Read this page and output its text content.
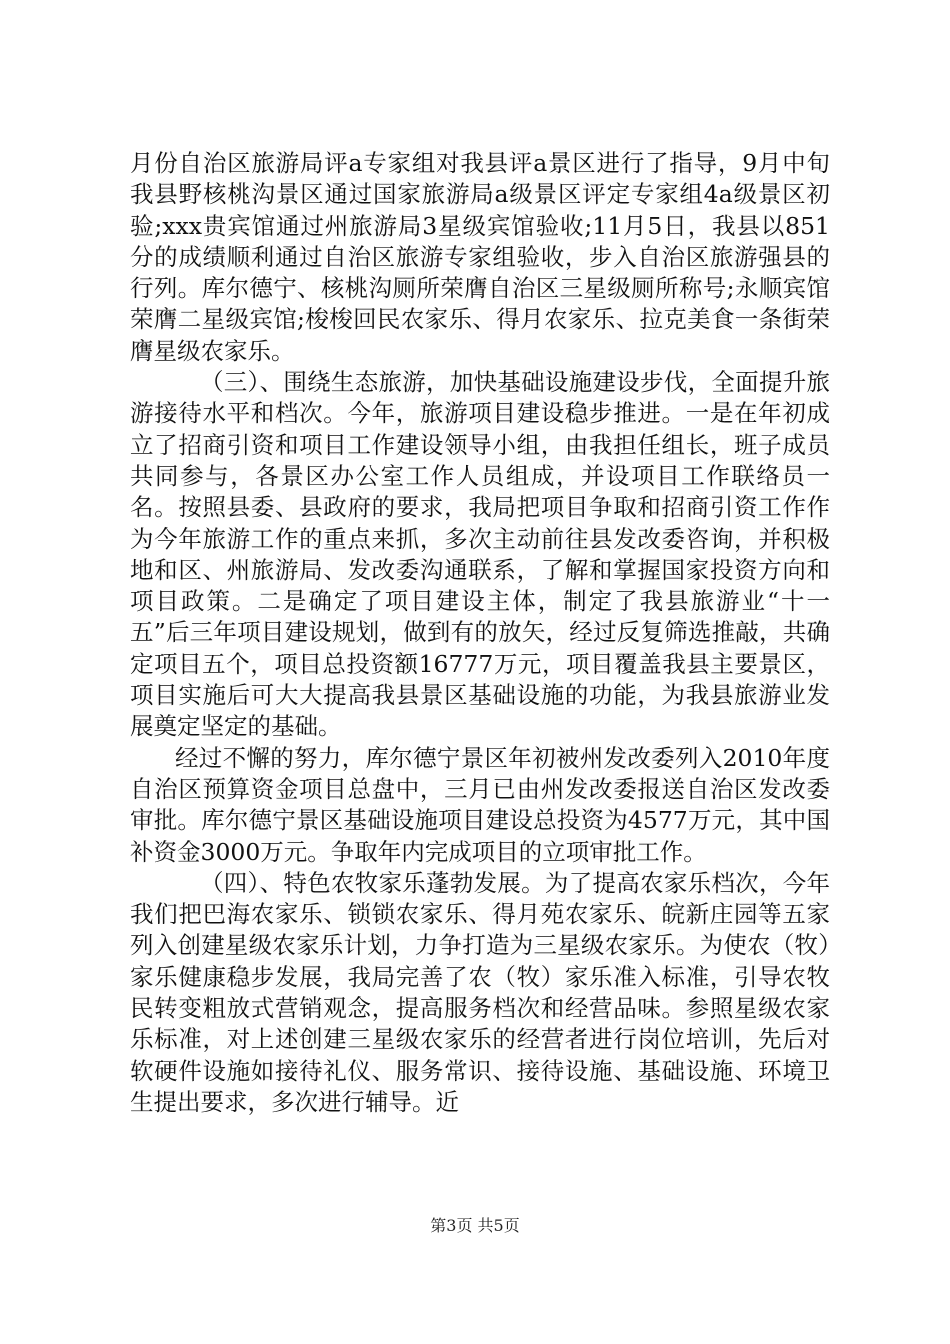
月份自治区旅游局评a专家组对我县评a景区进行了指导，9月中旬我县野核桃沟景区通过国家旅游局a级景区评定专家组4a级景区初验;xxx贵宾馆通过州旅游局3星级宾馆验收;11月5日，我县以851分的成绩顺利通过自治区旅游专家组验收，步入自治区旅游强县的行列。库尔德宁、核桃沟厕所荣膺自治区三星级厕所称号;永顺宾馆荣膺二星级宾馆;梭梭回民农家乐、得月农家乐、拉克美食一条街荣膺星级农家乐。

（三）、围绕生态旅游，加快基础设施建设步伐，全面提升旅游接待水平和档次。今年，旅游项目建设稳步推进。一是在年初成立了招商引资和项目工作建设领导小组，由我担任组长，班子成员共同参与，各景区办公室工作人员组成，并设项目工作联络员一名。按照县委、县政府的要求，我局把项目争取和招商引资工作作为今年旅游工作的重点来抓，多次主动前往县发改委咨询，并积极地和区、州旅游局、发改委沟通联系，了解和掌握国家投资方向和项目政策。二是确定了项目建设主体，制定了我县旅游业“十一五”后三年项目建设规划，做到有的放矢，经过反复筛选推敲，共确定项目五个，项目总投资额16777万元，项目覆盖我县主要景区，项目实施后可大大提高我县景区基础设施的功能，为我县旅游业发展奠定坚定的基础。

经过不懈的努力，库尔德宁景区年初被州发改委列入2010年度自治区预算资金项目总盘中，三月已由州发改委报送自治区发改委审批。库尔德宁景区基础设施项目建设总投资为4577万元，其中国补资金3000万元。争取年内完成项目的立项审批工作。

（四）、特色农牧家乐蓬勃发展。为了提高农家乐档次，今年我们把巴海农家乐、锁锁农家乐、得月苑农家乐、皖新庄园等五家列入创建星级农家乐计划，力争打造为三星级农家乐。为使农（牧）家乐健康稳步发展，我局完善了农（牧）家乐准入标准，引导农牧民转变粗放式营销观念，提高服务档次和经营品味。参照星级农家乐标准，对上述创建三星级农家乐的经营者进行岗位培训，先后对软硬件设施如接待礼仪、服务常识、接待设施、基础设施、环境卫生提出要求，多次进行辅导。近

第3页 共5页
